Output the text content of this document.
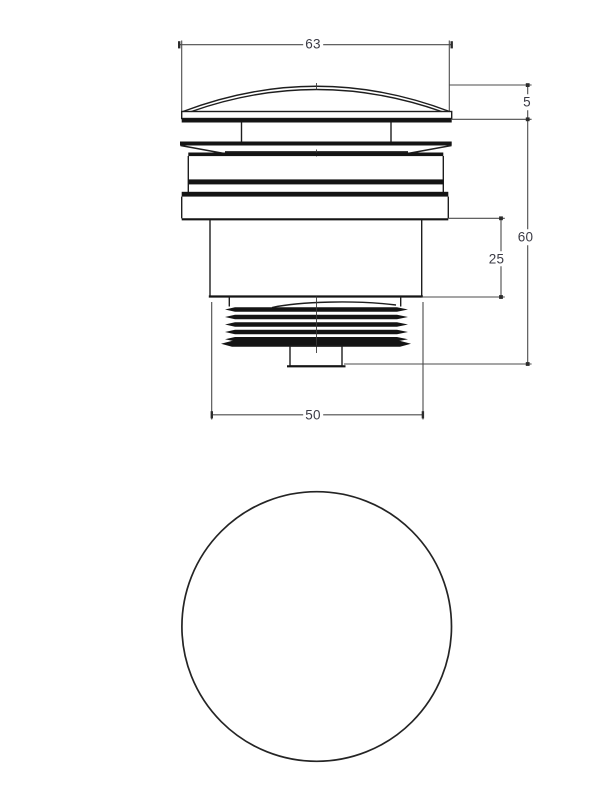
63
5
60
25
50
